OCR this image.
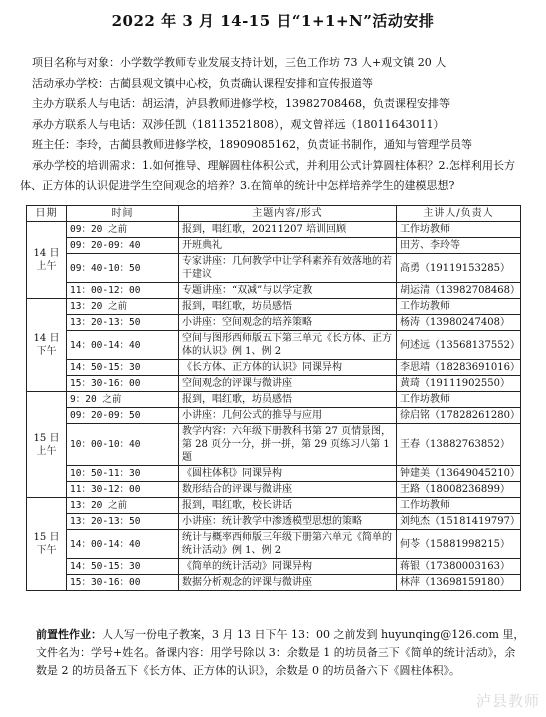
2022 年 3 月 14-15 日“1+1+N”活动安排
项目名称与对象：小学数学教师专业发展支持计划，三色工作坊 73 人+观文镇 20 人
活动承办学校：古蔺县观文镇中心校，负责确认课程安排和宣传报道等
主办方联系人与电话：胡运清，泸县教师进修学校，13982708468，负责课程安排等
承办方联系人与电话：双涉任凯（18113521808），观文曾祥远（18011643011）
班主任：李玲，古蔺县教师进修学校，18909085162，负责证书制作，通知与管理学员等
承办学校的培训需求：1.如何推导、理解圆柱体积公式，并利用公式计算圆柱体积？2.怎样利用长方体、正方体的认识促进学生空间观念的培养？3.在简单的统计中怎样培养学生的建模思想?
日期	时间	主题内容/形式	主讲人/负责人

14 日
上午	09：20 之前	报到，唱红歌，20211207 培训回顾	工作坊教师
	09：20-09：40	开班典礼	田芳、李玲等
	09：40-10：50	专家讲座：几何教学中让学科素养有效落地的若干建议	高勇（19119153285）
	11：00-12：00	专题讲座：“双减”与以学定教	胡运清（13982708468）

14 日
下午	13：20 之前	报到，唱红歌，坊员感悟	工作坊教师
	13：20-13：50	小讲座：空间观念的培养策略	杨涛（13980247408）
	14：00-14：40	空间与图形西师版五下第三单元《长方体、正方体的认识》例 1、例 2	何述远（13568137552）
	14：50-15：30	《长方体、正方体的认识》同课异构	李思靖（18283691016）
	15：30-16：00	空间观念的评课与微讲座	黄琦（19111902550）

15 日
上午	9：20 之前	报到，唱红歌，坊员感悟	工作坊教师
	09：20-09：50	小讲座：几何公式的推导与应用	徐启铭（17828261280）
	10：00-10：40	教学内容：六年级下册教科书第 27 页情景图，第 28 页分一分，拼一拼，第 29 页练习八第 1 题	王春（13882763852）
	10：50-11：30	《圆柱体积》同课异构	钟建美（13649045210）
	11：30-12：00	数形结合的评课与微讲座	王路（18008236899）

15 日
下午	13：20 之前	报到，唱红歌，校长讲话	工作坊教师
	13：20-13：50	小讲座：统计教学中渗透模型思想的策略	刘纯杰（15181419797）
	14：00-14：40	统计与概率西师版三年级下册第六单元《简单的统计活动》例 1、例 2	何苓（15881998215）
	14：50-15：30	《简单的统计活动》同课异构	蒋银（17380003163）
	15：30-16：00	数据分析观念的评课与微讲座	林萍（13698159180）
前置性作业：人人写一份电子教案，3 月 13 日下午 13：00 之前发到 huyunqing@126.com 里，文件名为：学号+姓名。备课内容：用学号除以 3：余数是 1 的坊员备三下《简单的统计活动》，余数是 2 的坊员备五下《长方体、正方体的认识》，余数是 0 的坊员备六下《圆柱体积》。
泸县教师
